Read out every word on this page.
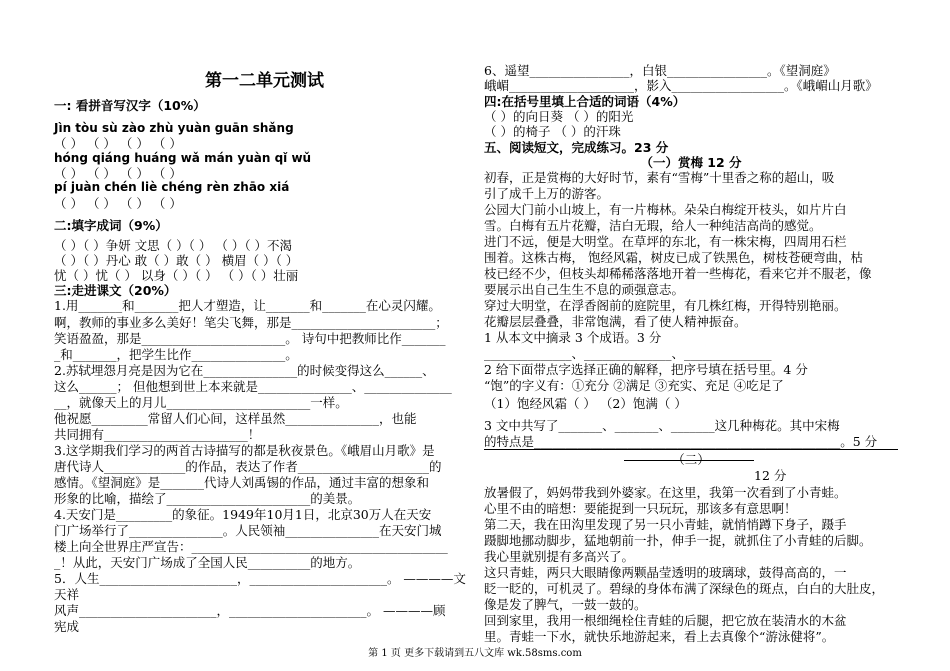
第一二单元测试
一: 看拼音写汉字（10%）
Jìn tòu sù zào zhù yuàn guān shǎng
（ ） （ ） （ ） （ ）
hóng qiáng huáng wǎ mán yuàn qǐ wǔ
（ ） （ ） （ ） （ ）
pí juàn chén liè chéng rèn zhāo xiá
（ ） （ ） （ ） （ ）
二:填字成词（9%）
（ ）（ ）争妍 文思（ ）（ ） （ ）（ ）不渴
（ ）（ ）丹心 敢（ ）敢（ ） 横眉（ ）（ ）
忧（ ）忧（ ） 以身（ ）（ ） （ ）（ ）壮丽
三:走进课文（20%）
1.用_______和_______把人才塑造，让_______和_______在心灵闪耀。
啊，教师的事业多么美好！笔尖飞舞，那是_______________________；
笑语盈盈，那是_______________________。 诗句中把教师比作_______
_和_______，把学生比作_______________。
2.苏轼埋怨月亮是因为它在_______________的时候变得这么______、
这么______； 但他想到世上本来就是_______________、______________
__，就像天上的月儿_______________________一样。
他祝愿_________常留人们心间，这样虽然_______________，也能
共同拥有_______________________！
3.这学期我们学习的两首古诗描写的都是秋夜景色。《峨眉山月歌》是
唐代诗人_____________的作品，表达了作者_____________________的
感情。《望洞庭》是_______代诗人刘禹锡的作品，通过丰富的想象和
形象的比喻，描绘了_______________________的美景。
4.天安门是_________的象征。1949年10月1日，北京30万人在天安
门广场举行了_______________。人民领袖_______________在天安门城
楼上向全世界庄严宣告：_________________________________________
_！从此，天安门广场成了全国人民__________的地方。
5．人生______________________，______________________。 ————文
天祥
风声______________________，______________________。 ————顾
宪成
6、遥望________________，白银________________。《望洞庭》
峨嵋____________________，影入__________________。《峨嵋山月歌》
四:在括号里填上合适的词语（4%）
（ ）的向日葵 （ ）的阳光
（ ）的椅子 （ ）的汗珠
五、阅读短文，完成练习。23 分
（一）赏梅 12 分
初春，正是赏梅的大好时节，素有“雪梅”十里香之称的超山，吸
引了成千上万的游客。
公园大门前小山坡上，有一片梅林。朵朵白梅绽开枝头，如片片白
雪。白梅有五片花瓣，洁白无瑕，给人一种纯洁高尚的感觉。
进门不远，便是大明堂。在草坪的东北，有一株宋梅，四周用石栏
围着。这株古梅， 饱经风霜，树皮已成了铁黑色，树枝苍硬弯曲，枯
枝已经不少，但枝头却稀稀落落地开着一些梅花，看来它并不服老，像
要展示出自己生生不息的顽强意志。
穿过大明堂，在浮香阁前的庭院里，有几株红梅，开得特别艳丽。
花瓣层层叠叠，非常饱满，看了使人精神振奋。
1 从本文中摘录 3 个成语。3 分
______________、______________、______________
2 给下面带点字选择正确的解释，把序号填在括号里。4 分
“饱”的字义有：①充分 ②满足 ③充实、充足 ④吃足了
（1）饱经风霜（ ） （2）饱满（ ）
3 文中共写了_______、_______、_______这几种梅花。其中宋梅
的特点是_________________________________________________。5 分
（二）
12 分
放暑假了，妈妈带我到外婆家。在这里，我第一次看到了小青蛙。
心里不由的暗想：要能捉到一只玩玩，那该多有意思啊！
第二天，我在田沟里发现了另一只小青蛙，就悄悄蹲下身子，蹑手
蹑脚地挪动脚步，猛地朝前一扑，伸手一捉，就抓住了小青蛙的后脚。
我心里就别提有多高兴了。
这只青蛙，两只大眼睛像两颗晶莹透明的玻璃球，鼓得高高的，一
眨一眨的，可机灵了。碧绿的身体布满了深绿色的斑点，白白的大肚皮，
像是发了脾气，一鼓一鼓的。
回到家里，我用一根细绳栓住青蛙的后腿，把它放在装清水的木盆
里。青蛙一下水，就快乐地游起来，看上去真像个“游泳健将”。
第 1 页 更多下载请到五八文库 wk.58sms.com
